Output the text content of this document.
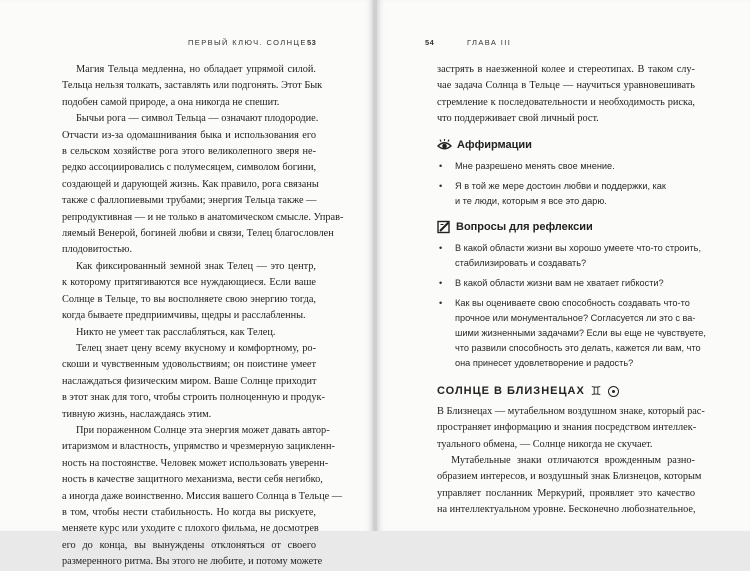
ПЕРВЫЙ КЛЮЧ. СОЛНЦЕ 53
Магия Тельца медленна, но обладает упрямой силой.
Тельца нельзя толкать, заставлять или подгонять. Этот Бык
подобен самой природе, а она никогда не спешит.
Бычьи рога — символ Тельца — означают плодородие.
Отчасти из-за одомашнивания быка и использования его
в сельском хозяйстве рога этого великолепного зверя не-
редко ассоциировались с полумесяцем, символом богини,
создающей и дарующей жизнь. Как правило, рога связаны
также с фаллопиевыми трубами; энергия Тельца также —
репродуктивная — и не только в анатомическом смысле. Управ-
ляемый Венерой, богиней любви и связи, Телец благословлен
плодовитостью.
Как фиксированный земной знак Телец — это центр,
к которому притягиваются все нуждающиеся. Если ваше
Солнце в Тельце, то вы восполняете свою энергию тогда,
когда бываете предприимчивы, щедры и расслабленны.
Никто не умеет так расслабляться, как Телец.
Телец знает цену всему вкусному и комфортному, ро-
скоши и чувственным удовольствиям; он поистине умеет
наслаждаться физическим миром. Ваше Солнце приходит
в этот знак для того, чтобы строить полноценную и продук-
тивную жизнь, наслаждаясь этим.
При пораженном Солнце эта энергия может давать автор-
итаризмом и властность, упрямство и чрезмерную зацикленн-
ность на постоянстве. Человек может использовать уверенн-
ность в качестве защитного механизма, вести себя негибко,
а иногда даже воинственно. Миссия вашего Солнца в Тельце —
в том, чтобы нести стабильность. Но когда вы рискуете,
меняете курс или уходите с плохого фильма, не досмотрев
его до конца, вы вынуждены отклоняться от своего
размеренного ритма. Вы этого не любите, и потому можете
54	ГЛАВА III
застрять в наезженной колее и стереотипах. В таком слу-
чае задача Солнца в Тельце — научиться уравновешивать
стремление к последовательности и необходимость риска,
что поддерживает свой личный рост.
Аффирмации
• Мне разрешено менять свое мнение.
• Я в той же мере достоин любви и поддержки, как
и те люди, которым я все это дарю.
Вопросы для рефлексии
• В какой области жизни вы хорошо умеете что-то строить,
стабилизировать и создавать?
• В какой области жизни вам не хватает гибкости?
• Как вы оцениваете свою способность создавать что-то
прочное или монументальное? Согласуется ли это с ва-
шими жизненными задачами? Если вы еще не чувствуете,
что развили способность это делать, кажется ли вам, что
она принесет удовлетворение и радость?
СОЛНЦЕ В БЛИЗНЕЦАХ ♊
В Близнецах — мутабельном воздушном знаке, который рас-
пространяет информацию и знания посредством интеллек-
туального обмена, — Солнце никогда не скучает.
Мутабельные знаки отличаются врожденным разно-
образием интересов, и воздушный знак Близнецов, которым
управляет посланник Меркурий, проявляет это качество
на интеллектуальном уровне. Бесконечно любознательное,
